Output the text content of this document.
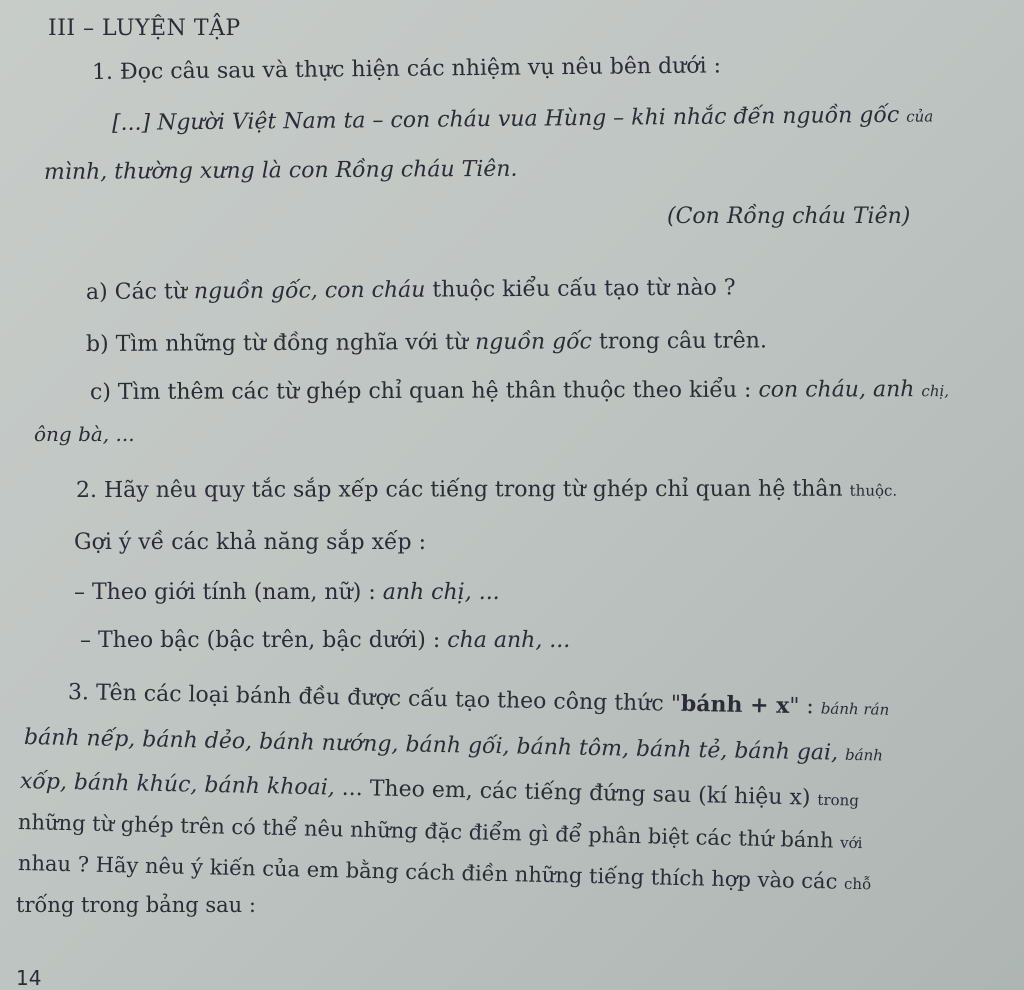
III – LUYỆN TẬP
1. Đọc câu sau và thực hiện các nhiệm vụ nêu bên dưới :
[...] Người Việt Nam ta – con cháu vua Hùng – khi nhắc đến nguồn gốc của
mình, thường xưng là con Rồng cháu Tiên.
(Con Rồng cháu Tiên)
a) Các từ nguồn gốc, con cháu thuộc kiểu cấu tạo từ nào ?
b) Tìm những từ đồng nghĩa với từ nguồn gốc trong câu trên.
c) Tìm thêm các từ ghép chỉ quan hệ thân thuộc theo kiểu : con cháu, anh chị,
ông bà, ...
2. Hãy nêu quy tắc sắp xếp các tiếng trong từ ghép chỉ quan hệ thân thuộc.
Gợi ý về các khả năng sắp xếp :
– Theo giới tính (nam, nữ) : anh chị, ...
– Theo bậc (bậc trên, bậc dưới) : cha anh, ...
3. Tên các loại bánh đều được cấu tạo theo công thức "bánh + x" : bánh rán
bánh nếp, bánh dẻo, bánh nướng, bánh gối, bánh tôm, bánh tẻ, bánh gai, bánh
xốp, bánh khúc, bánh khoai, ... Theo em, các tiếng đứng sau (kí hiệu x) trong
những từ ghép trên có thể nêu những đặc điểm gì để phân biệt các thứ bánh với
nhau ? Hãy nêu ý kiến của em bằng cách điền những tiếng thích hợp vào các chỗ
trống trong bảng sau :
14
